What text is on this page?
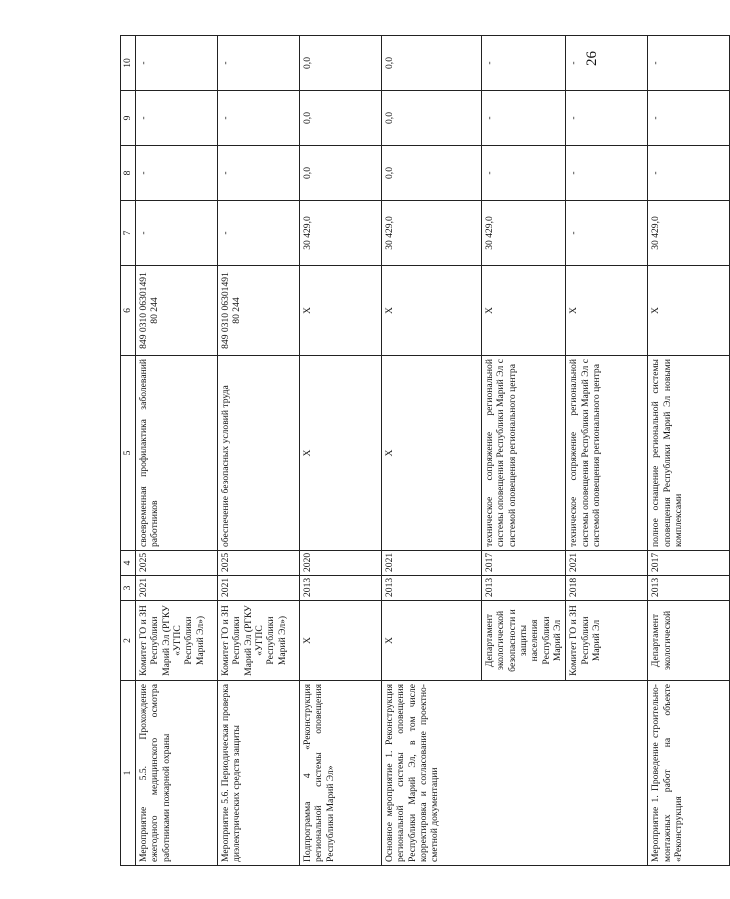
26
1	2	3	4	5	6	7	8	9	10
Мероприятие 5.5. Прохождение ежегодного медицинского осмотра работниками пожарной охраны	Комитет ГО и ЗН Республики Марий Эл (РГКУ «УГПС Республики Марий Эл»)	2021	2025	своевременная профилактика заболеваний работников	849 0310 06301491 80 244	-	-	-	-
Мероприятие 5.6. Периодическая проверка диэлектрических средств защиты	Комитет ГО и ЗН Республики Марий Эл (РГКУ «УГПС Республики Марий Эл»)	2021	2025	обеспечение безопасных условий труда	849 0310 06301491 80 244	-	-	-	-
Подпрограмма 4 «Реконструкция региональной системы оповещения Республики Марий Эл»	Х	2013	2020	Х	Х	30 429,0	0,0	0,0	0,0
Основное мероприятие 1. Реконструкция региональной системы оповещения Республики Марий Эл, в том числе корректировка и согласование проектно-сметной документации	Х	2013	2021	Х	Х	30 429,0	0,0	0,0	0,0
	Департамент экологической безопасности и защиты населения Республики Марий Эл	2013	2017	техническое сопряжение региональной системы оповещения Республики Марий Эл с системой оповещения регионального центра	Х	30 429,0	-	-	-
	Комитет ГО и ЗН Республики Марий Эл	2018	2021	техническое сопряжение региональной системы оповещения Республики Марий Эл с системой оповещения регионального центра	Х	-	-	-	-
Мероприятие 1. Проведение строительно-монтажных работ на объекте «Реконструкция	Департамент экологической	2013	2017	полное оснащение региональной системы оповещения Республики Марий Эл новыми комплексами	Х	30 429,0	-	-	-
